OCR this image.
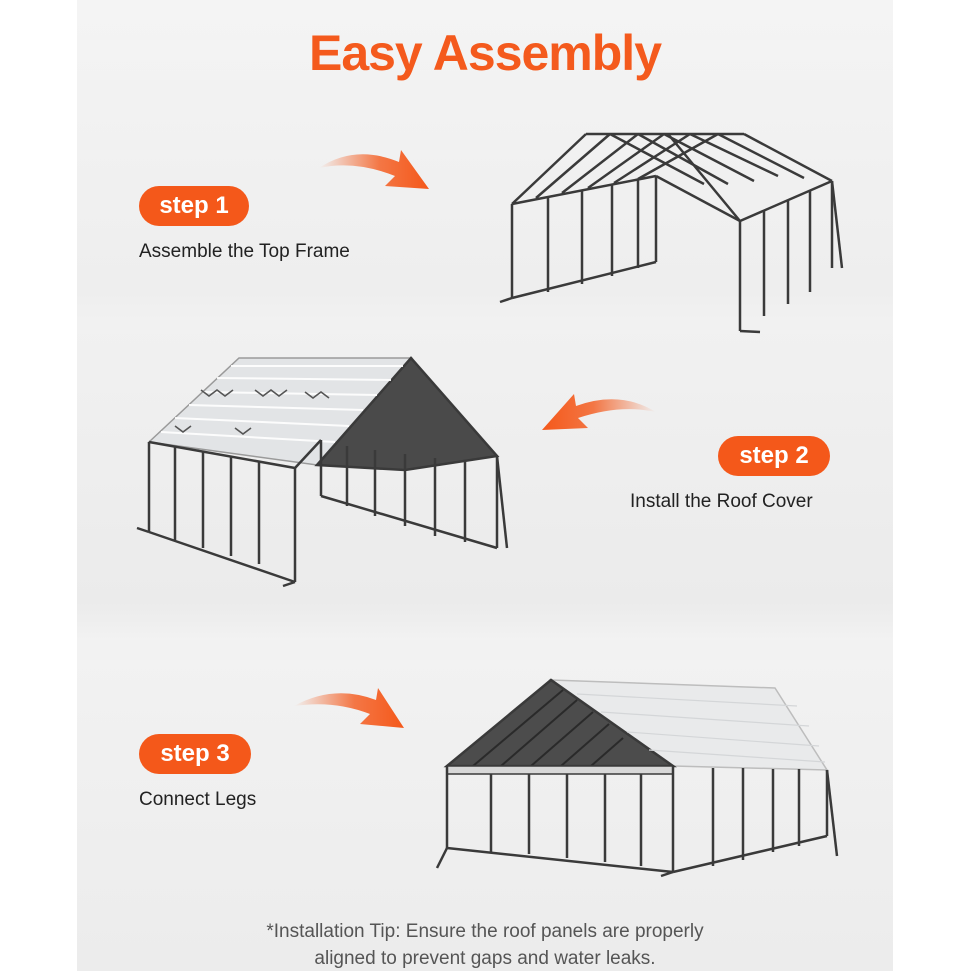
Easy Assembly
step 1
Assemble the Top Frame
step 2
Install the Roof Cover
step 3
Connect Legs
*Installation Tip: Ensure the roof panels are properly
aligned to prevent gaps and water leaks.
